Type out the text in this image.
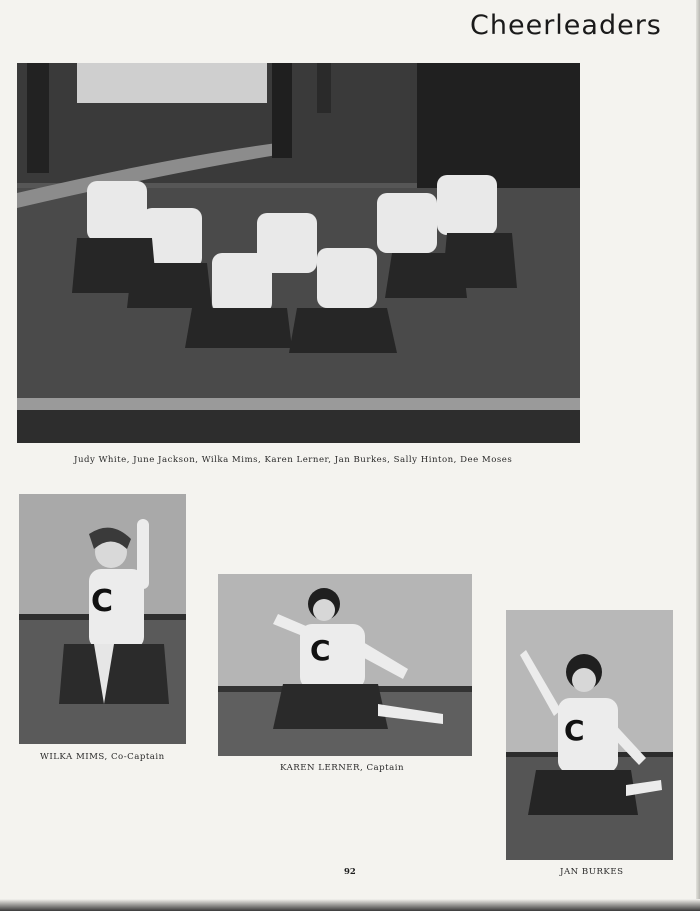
Cheerleaders
Judy White, June Jackson, Wilka Mims, Karen Lerner, Jan Burkes, Sally Hinton, Dee Moses
C
WILKA MIMS, Co-Captain
C
KAREN LERNER, Captain
C
JAN BURKES
92
